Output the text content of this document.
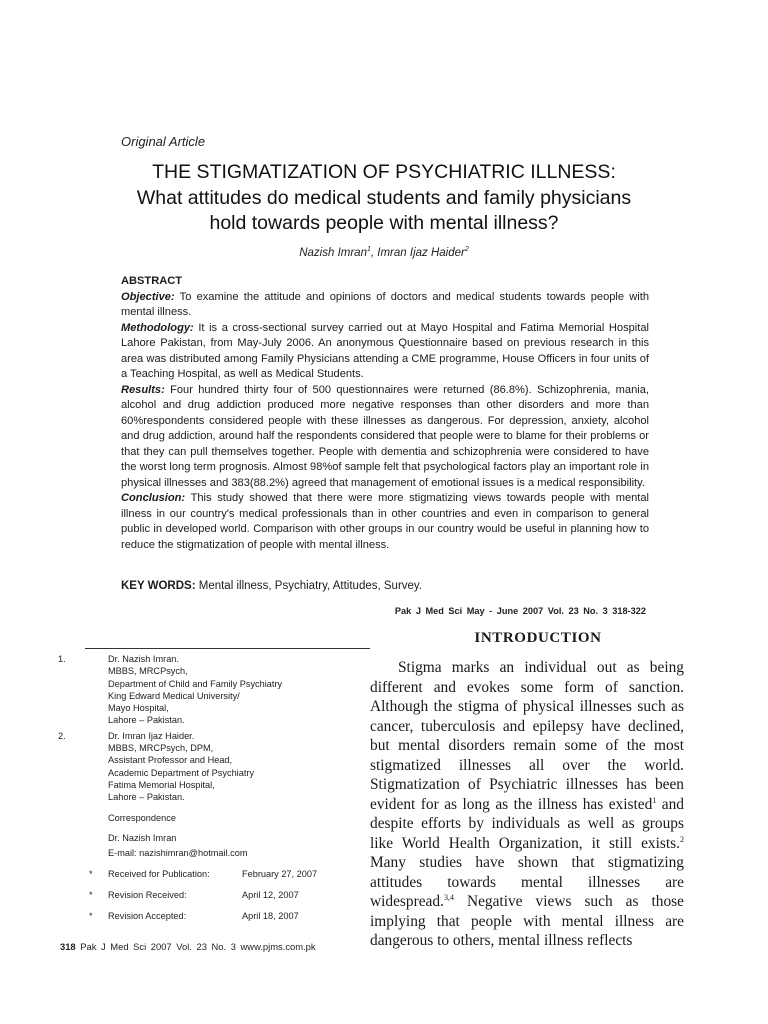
Original Article
THE STIGMATIZATION OF PSYCHIATRIC ILLNESS:
What attitudes do medical students and family physicians
hold towards people with mental illness?
Nazish Imran$^1$, Imran Ijaz Haider$^2$

ABSTRACT

Objective: To examine the attitude and opinions of doctors and medical students towards people with mental illness.

Methodology: It is a cross-sectional survey carried out at Mayo Hospital and Fatima Memorial Hospital Lahore Pakistan, from May-July 2006. An anonymous Questionnaire based on previous research in this area was distributed among Family Physicians attending a CME programme, House Officers in four units of a Teaching Hospital, as well as Medical Students.

Results: Four hundred thirty four of 500 questionnaires were returned (86.8%). Schizophrenia, mania, alcohol and drug addiction produced more negative responses than other disorders and more than 60%respondents considered people with these illnesses as dangerous. For depression, anxiety, alcohol and drug addiction, around half the respondents considered that people were to blame for their problems or that they can pull themselves together. People with dementia and schizophrenia were considered to have the worst long term prognosis. Almost 98%of sample felt that psychological factors play an important role in physical illnesses and 383(88.2%) agreed that management of emotional issues is a medical responsibility.

Conclusion: This study showed that there were more stigmatizing views towards people with mental illness in our country's medical professionals than in other countries and even in comparison to general public in developed world. Comparison with other groups in our country would be useful in planning how to reduce the stigmatization of people with mental illness.

KEY WORDS: Mental illness, Psychiatry, Attitudes, Survey.
Pak J Med Sci May - June 2007 Vol. 23 No. 3 318-322
1.	Dr. Nazish Imran.
MBBS, MRCPsych,
Department of Child and Family Psychiatry
King Edward Medical University/
Mayo Hospital,
Lahore – Pakistan.
2.	Dr. Imran Ijaz Haider.
MBBS, MRCPsych, DPM,
Assistant Professor and Head,
Academic Department of Psychiatry
Fatima Memorial Hospital,
Lahore – Pakistan.
Correspondence
Dr. Nazish Imran
E-mail: nazishimran@hotmail.com
* Received for Publication:	February 27, 2007
* Revision Received:	April 12, 2007
* Revision Accepted:	April 18, 2007
INTRODUCTION

Stigma marks an individual out as being different and evokes some form of sanction. Although the stigma of physical illnesses such as cancer, tuberculosis and epilepsy have declined, but mental disorders remain some of the most stigmatized illnesses all over the world. Stigmatization of Psychiatric illnesses has been evident for as long as the illness has existed$^1$ and despite efforts by individuals as well as groups like World Health Organization, it still exists.$^2$ Many studies have shown that stigmatizing attitudes towards mental illnesses are widespread.$^{3,4}$ Negative views such as those implying that people with mental illness are dangerous to others, mental illness reflects

318 Pak J Med Sci 2007 Vol. 23 No. 3 www.pjms.com.pk
